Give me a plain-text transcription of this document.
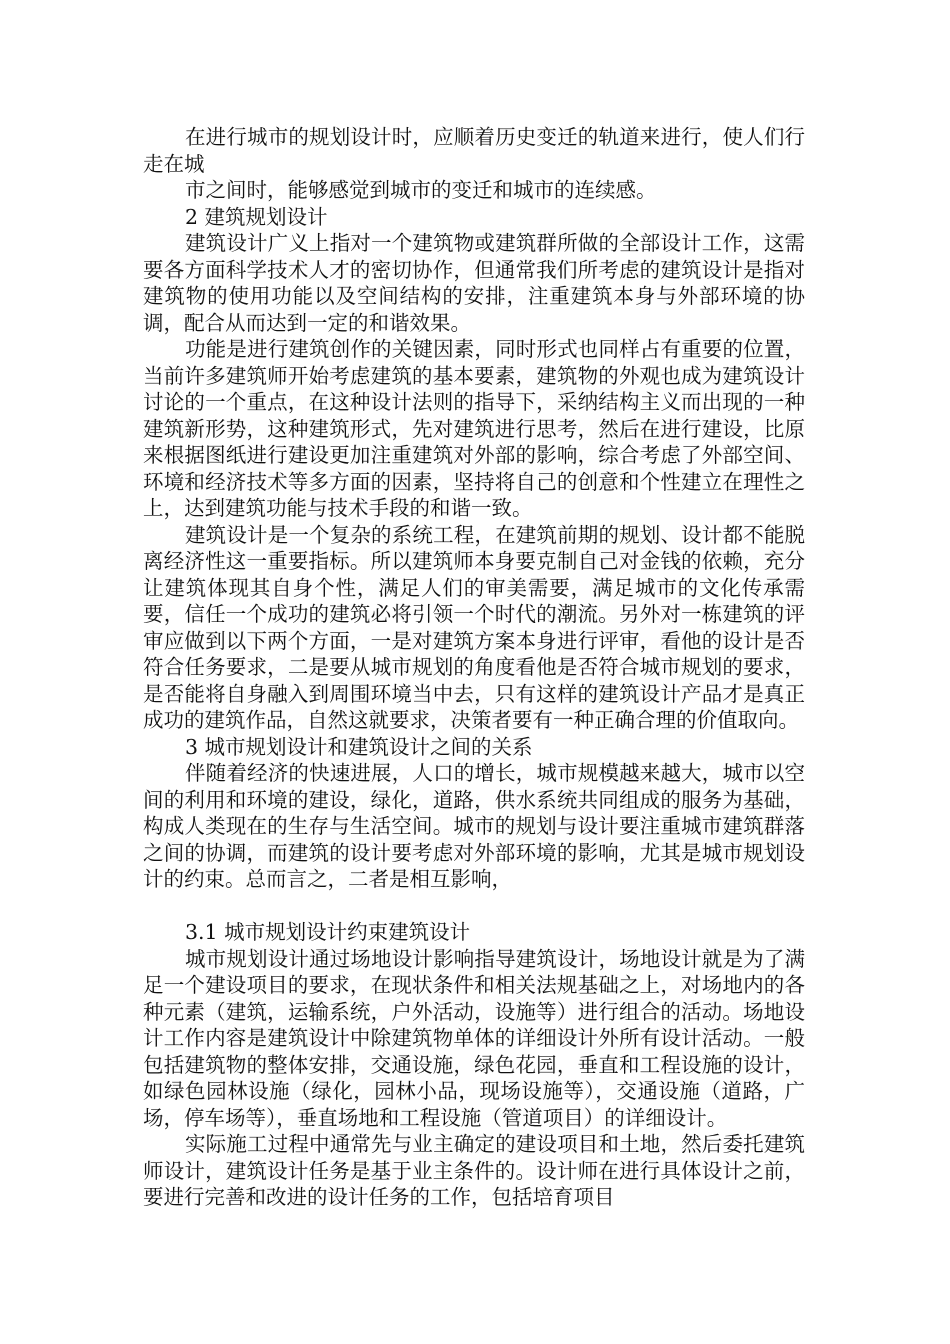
在进行城市的规划设计时，应顺着历史变迁的轨道来进行，使人们行走在城

市之间时，能够感觉到城市的变迁和城市的连续感。

2 建筑规划设计

建筑设计广义上指对一个建筑物或建筑群所做的全部设计工作，这需要各方面科学技术人才的密切协作，但通常我们所考虑的建筑设计是指对建筑物的使用功能以及空间结构的安排，注重建筑本身与外部环境的协调，配合从而达到一定的和谐效果。

功能是进行建筑创作的关键因素，同时形式也同样占有重要的位置，当前许多建筑师开始考虑建筑的基本要素，建筑物的外观也成为建筑设计讨论的一个重点，在这种设计法则的指导下，采纳结构主义而出现的一种建筑新形势，这种建筑形式，先对建筑进行思考，然后在进行建设，比原来根据图纸进行建设更加注重建筑对外部的影响，综合考虑了外部空间、环境和经济技术等多方面的因素，坚持将自己的创意和个性建立在理性之上，达到建筑功能与技术手段的和谐一致。

建筑设计是一个复杂的系统工程，在建筑前期的规划、设计都不能脱离经济性这一重要指标。所以建筑师本身要克制自己对金钱的依赖，充分让建筑体现其自身个性，满足人们的审美需要，满足城市的文化传承需要，信任一个成功的建筑必将引领一个时代的潮流。另外对一栋建筑的评审应做到以下两个方面，一是对建筑方案本身进行评审，看他的设计是否符合任务要求，二是要从城市规划的角度看他是否符合城市规划的要求，是否能将自身融入到周围环境当中去，只有这样的建筑设计产品才是真正成功的建筑作品，自然这就要求，决策者要有一种正确合理的价值取向。

3 城市规划设计和建筑设计之间的关系

伴随着经济的快速进展，人口的增长，城市规模越来越大，城市以空间的利用和环境的建设，绿化，道路，供水系统共同组成的服务为基础，构成人类现在的生存与生活空间。城市的规划与设计要注重城市建筑群落之间的协调，而建筑的设计要考虑对外部环境的影响，尤其是城市规划设计的约束。总而言之，二者是相互影响，

3.1 城市规划设计约束建筑设计

城市规划设计通过场地设计影响指导建筑设计，场地设计就是为了满足一个建设项目的要求，在现状条件和相关法规基础之上，对场地内的各种元素（建筑，运输系统，户外活动，设施等）进行组合的活动。场地设计工作内容是建筑设计中除建筑物单体的详细设计外所有设计活动。一般包括建筑物的整体安排，交通设施，绿色花园，垂直和工程设施的设计，如绿色园林设施（绿化，园林小品，现场设施等），交通设施（道路，广场，停车场等），垂直场地和工程设施（管道项目）的详细设计。

实际施工过程中通常先与业主确定的建设项目和土地，然后委托建筑师设计，建筑设计任务是基于业主条件的。设计师在进行具体设计之前，要进行完善和改进的设计任务的工作，包括培育项目
